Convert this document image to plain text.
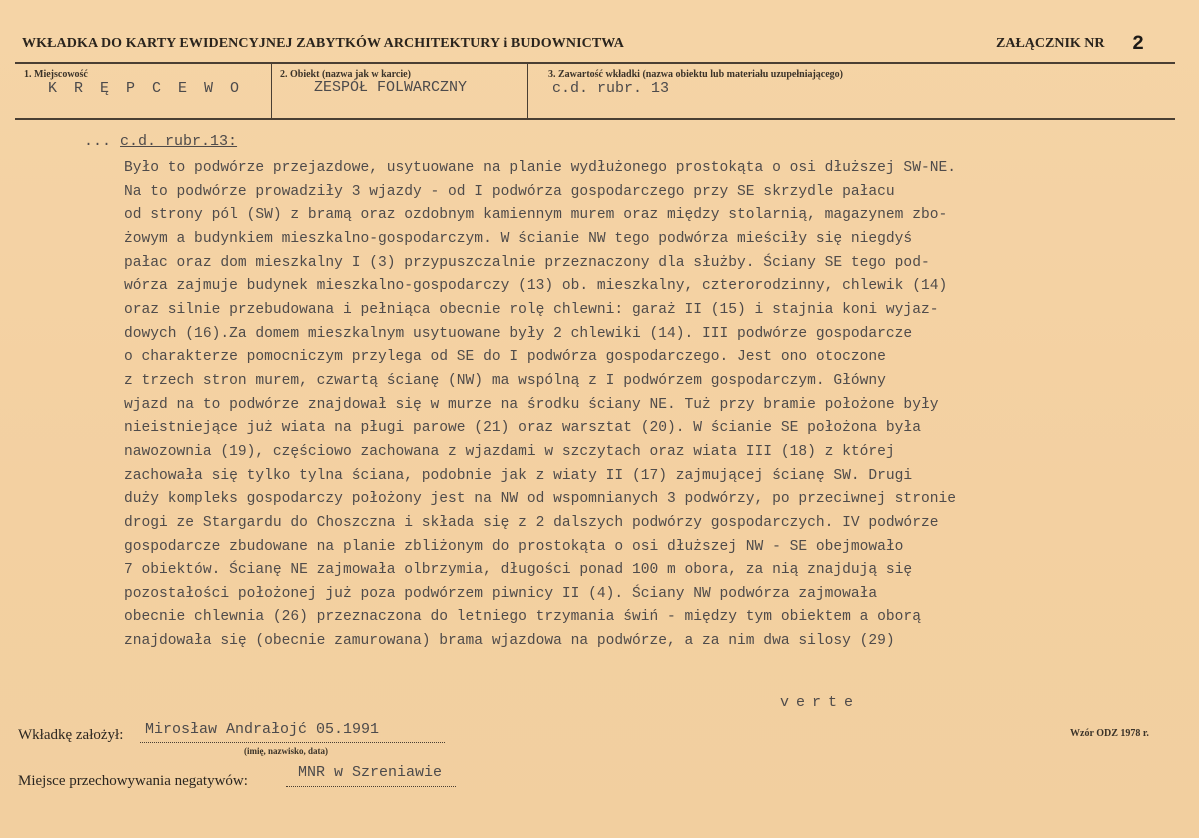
WKŁADKA DO KARTY EWIDENCYJNEJ ZABYTKÓW ARCHITEKTURY i BUDOWNICTWA	ZAŁĄCZNIK NR 2
1. Miejscowość
K R Ę P C E W O
2. Obiekt (nazwa jak w karcie)
ZESPÓŁ FOLWARCZNY
3. Zawartość wkładki (nazwa obiektu lub materiału uzupełniającego)
c.d. rubr. 13
... c.d. rubr.13:
Było to podwórze przejazdowe, usytuowane na planie wydłużonego prostokąta o osi dłuższej SW-NE.
Na to podwórze prowadziły 3 wjazdy - od I podwórza gospodarczego przy SE skrzydle pałacu
od strony pól (SW) z bramą oraz ozdobnym kamiennym murem oraz między stolarnią, magazynem zbo-
żowym a budynkiem mieszkalno-gospodarczym. W ścianie NW tego podwórza mieściły się niegdyś
pałac oraz dom mieszkalny I (3) przypuszczalnie przeznaczony dla służby. Ściany SE tego pod-
wórza zajmuje budynek mieszkalno-gospodarczy (13) ob. mieszkalny, czterorodzinny, chlewik (14)
oraz silnie przebudowana i pełniąca obecnie rolę chlewni: garaż II (15) i stajnia koni wyjaz-
dowych (16).Za domem mieszkalnym usytuowane były 2 chlewiki (14). III podwórze gospodarcze
o charakterze pomocniczym przylega od SE do I podwórza gospodarczego. Jest ono otoczone
z trzech stron murem, czwartą ścianę (NW) ma wspólną z I podwórzem gospodarczym. Główny
wjazd na to podwórze znajdował się w murze na środku ściany NE. Tuż przy bramie położone były
nieistniejące już wiata na pługi parowe (21) oraz warsztat (20). W ścianie SE położona była
nawozownia (19), częściowo zachowana z wjazdami w szczytach oraz wiata III (18) z której
zachowała się tylko tylna ściana, podobnie jak z wiaty II (17) zajmującej ścianę SW. Drugi
duży kompleks gospodarczy położony jest na NW od wspomnianych 3 podwórzy, po przeciwnej stronie
drogi ze Stargardu do Choszczna i składa się z 2 dalszych podwórzy gospodarczych. IV podwórze
gospodarcze zbudowane na planie zbliżonym do prostokąta o osi dłuższej NW - SE obejmowało
7 obiektów. Ścianę NE zajmowała olbrzymia, długości ponad 100 m obora, za nią znajdują się
pozostałości położonej już poza podwórzem piwnicy II (4). Ściany NW podwórza zajmowała
obecnie chlewnia (26) przeznaczona do letniego trzymania świń - między tym obiektem a oborą
znajdowała się (obecnie zamurowana) brama wjazdowa na podwórze, a za nim dwa silosy (29)
verte
Wkładkę założył: Mirosław Andrałojć 05.1991
(imię, nazwisko, data)
Miejsce przechowywania negatywów:	MNR w Szreniawie
Wzór ODZ 1978 r.
